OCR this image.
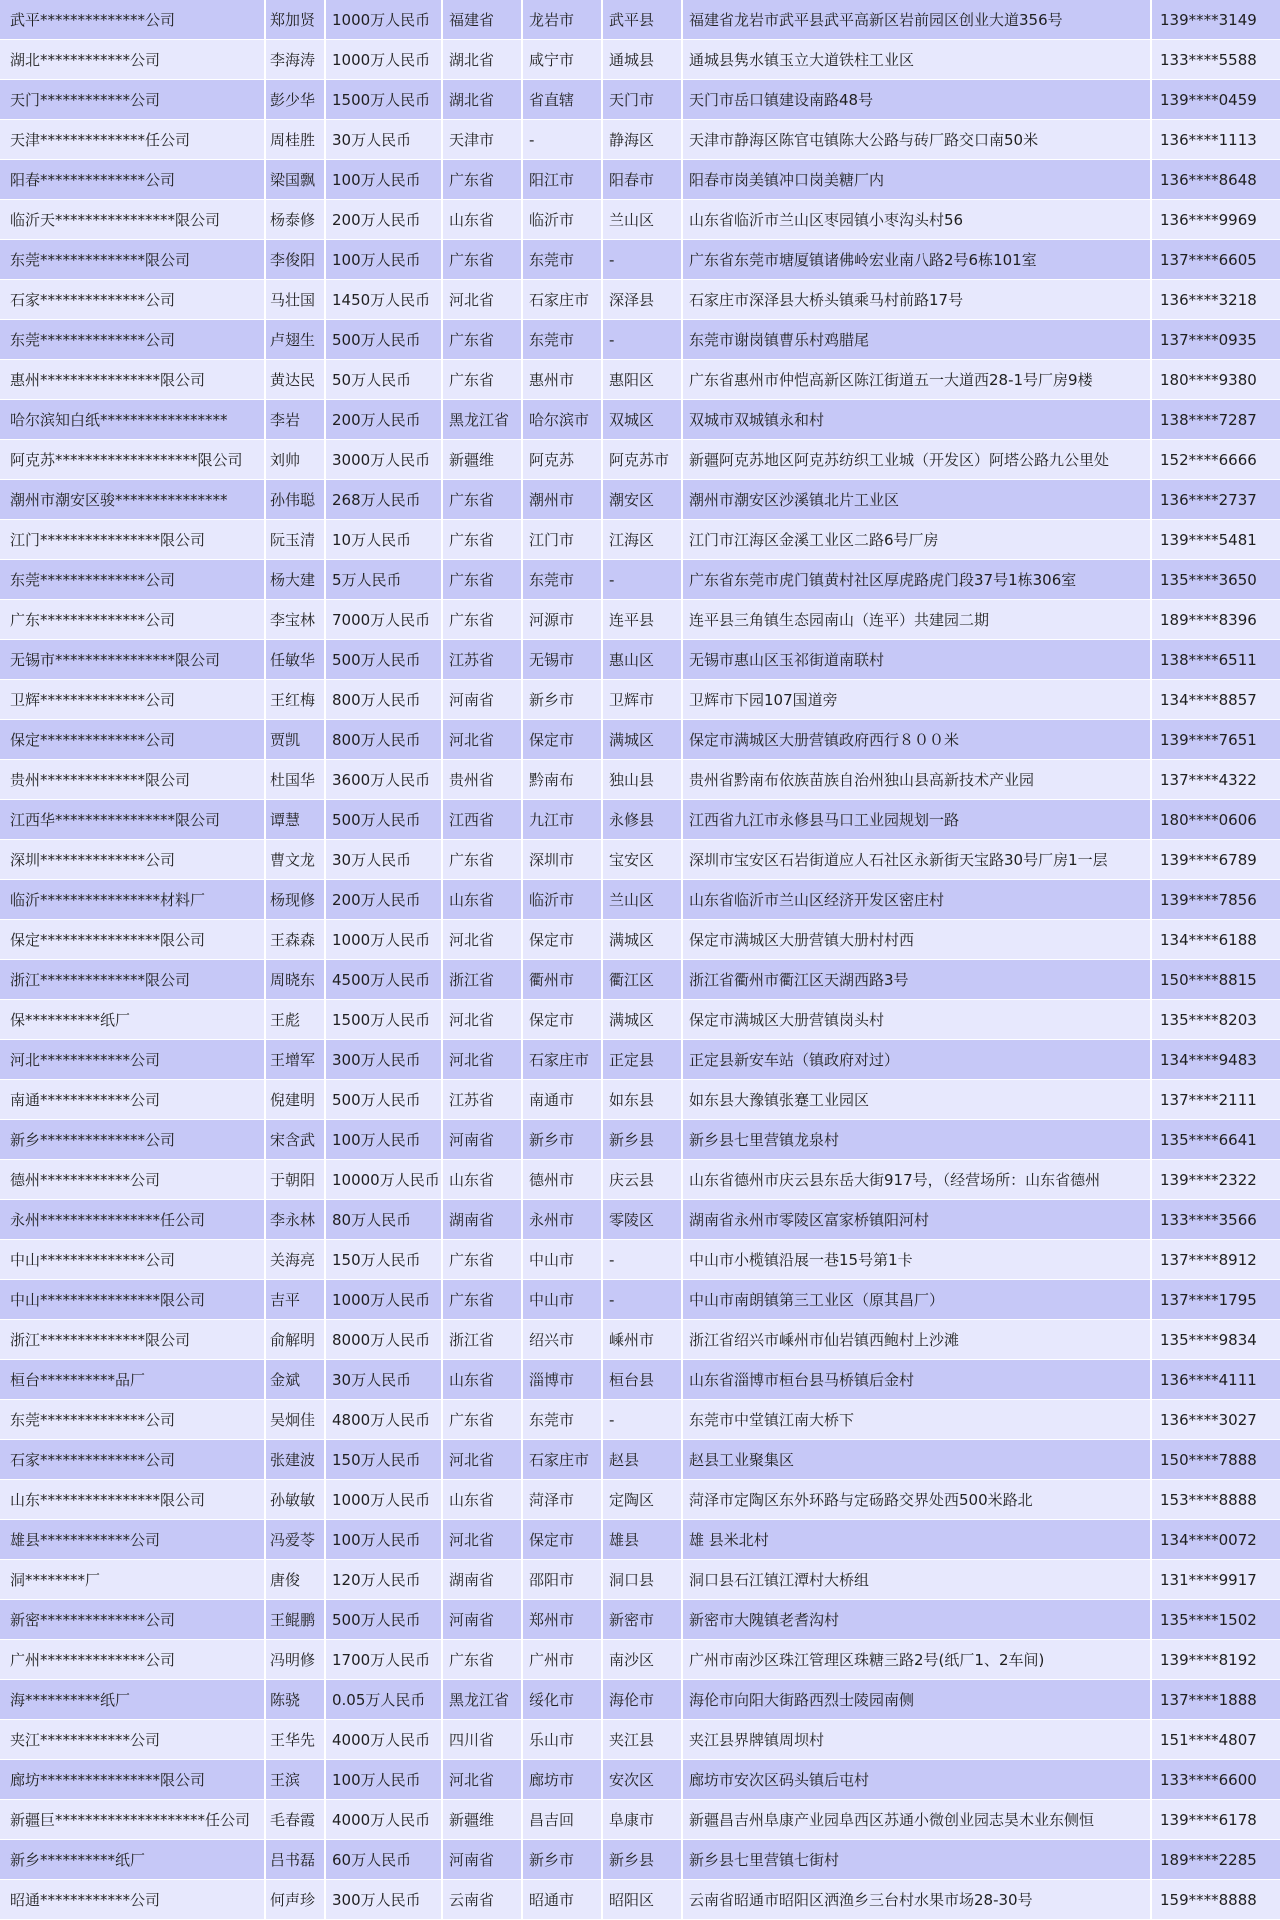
武平**************公司	郑加贤	1000万人民币	福建省	龙岩市	武平县	福建省龙岩市武平县武平高新区岩前园区创业大道356号	139****3149
湖北************公司	李海涛	1000万人民币	湖北省	咸宁市	通城县	通城县隽水镇玉立大道铁柱工业区	133****5588
天门************公司	彭少华	1500万人民币	湖北省	省直辖	天门市	天门市岳口镇建设南路48号	139****0459
天津**************任公司	周桂胜	30万人民币	天津市	-	静海区	天津市静海区陈官屯镇陈大公路与砖厂路交口南50米	136****1113
阳春**************公司	梁国飘	100万人民币	广东省	阳江市	阳春市	阳春市岗美镇冲口岗美糖厂内	136****8648
临沂天****************限公司	杨泰修	200万人民币	山东省	临沂市	兰山区	山东省临沂市兰山区枣园镇小枣沟头村56	136****9969
东莞**************限公司	李俊阳	100万人民币	广东省	东莞市	-	广东省东莞市塘厦镇诸佛岭宏业南八路2号6栋101室	137****6605
石家**************公司	马壮国	1450万人民币	河北省	石家庄市	深泽县	石家庄市深泽县大桥头镇乘马村前路17号	136****3218
东莞**************公司	卢翅生	500万人民币	广东省	东莞市	-	东莞市谢岗镇曹乐村鸡腊尾	137****0935
惠州****************限公司	黄达民	50万人民币	广东省	惠州市	惠阳区	广东省惠州市仲恺高新区陈江街道五一大道西28-1号厂房9楼	180****9380
哈尔滨知白纸*****************	李岩	200万人民币	黑龙江省	哈尔滨市	双城区	双城市双城镇永和村	138****7287
阿克苏*******************限公司	刘帅	3000万人民币	新疆维	阿克苏	阿克苏市	新疆阿克苏地区阿克苏纺织工业城（开发区）阿塔公路九公里处	152****6666
潮州市潮安区骏***************	孙伟聪	268万人民币	广东省	潮州市	潮安区	潮州市潮安区沙溪镇北片工业区	136****2737
江门****************限公司	阮玉清	10万人民币	广东省	江门市	江海区	江门市江海区金溪工业区二路6号厂房	139****5481
东莞**************公司	杨大建	5万人民币	广东省	东莞市	-	广东省东莞市虎门镇黄村社区厚虎路虎门段37号1栋306室	135****3650
广东**************公司	李宝林	7000万人民币	广东省	河源市	连平县	连平县三角镇生态园南山（连平）共建园二期	189****8396
无锡市****************限公司	任敏华	500万人民币	江苏省	无锡市	惠山区	无锡市惠山区玉祁街道南联村	138****6511
卫辉**************公司	王红梅	800万人民币	河南省	新乡市	卫辉市	卫辉市下园107国道旁	134****8857
保定**************公司	贾凯	800万人民币	河北省	保定市	满城区	保定市满城区大册营镇政府西行８００米	139****7651
贵州**************限公司	杜国华	3600万人民币	贵州省	黔南布	独山县	贵州省黔南布依族苗族自治州独山县高新技术产业园	137****4322
江西华****************限公司	谭慧	500万人民币	江西省	九江市	永修县	江西省九江市永修县马口工业园规划一路	180****0606
深圳**************公司	曹文龙	30万人民币	广东省	深圳市	宝安区	深圳市宝安区石岩街道应人石社区永新街天宝路30号厂房1一层	139****6789
临沂****************材料厂	杨现修	200万人民币	山东省	临沂市	兰山区	山东省临沂市兰山区经济开发区密庄村	139****7856
保定****************限公司	王森森	1000万人民币	河北省	保定市	满城区	保定市满城区大册营镇大册村村西	134****6188
浙江**************限公司	周晓东	4500万人民币	浙江省	衢州市	衢江区	浙江省衢州市衢江区天湖西路3号	150****8815
保**********纸厂	王彪	1500万人民币	河北省	保定市	满城区	保定市满城区大册营镇岗头村	135****8203
河北************公司	王增军	300万人民币	河北省	石家庄市	正定县	正定县新安车站（镇政府对过）	134****9483
南通************公司	倪建明	500万人民币	江苏省	南通市	如东县	如东县大豫镇张蹇工业园区	137****2111
新乡**************公司	宋含武	100万人民币	河南省	新乡市	新乡县	新乡县七里营镇龙泉村	135****6641
德州************公司	于朝阳	10000万人民币 山东省	德州市	庆云县	山东省德州市庆云县东岳大街917号，（经营场所：山东省德州	139****2322
永州****************任公司	李永林	80万人民币	湖南省	永州市	零陵区	湖南省永州市零陵区富家桥镇阳河村	133****3566
中山**************公司	关海亮	150万人民币	广东省	中山市	-	中山市小榄镇沿展一巷15号第1卡	137****8912
中山****************限公司	吉平	1000万人民币	广东省	中山市	-	中山市南朗镇第三工业区（原其昌厂）	137****1795
浙江**************限公司	俞解明	8000万人民币	浙江省	绍兴市	嵊州市	浙江省绍兴市嵊州市仙岩镇西鲍村上沙滩	135****9834
桓台**********品厂	金斌	30万人民币	山东省	淄博市	桓台县	山东省淄博市桓台县马桥镇后金村	136****4111
东莞**************公司	吴炯佳	4800万人民币	广东省	东莞市	-	东莞市中堂镇江南大桥下	136****3027
石家**************公司	张建波	150万人民币	河北省	石家庄市	赵县	赵县工业聚集区	150****7888
山东****************限公司	孙敏敏	1000万人民币	山东省	菏泽市	定陶区	菏泽市定陶区东外环路与定砀路交界处西500米路北	153****8888
雄县************公司	冯爱苓	100万人民币	河北省	保定市	雄县	雄 县米北村	134****0072
洞********厂	唐俊	120万人民币	湖南省	邵阳市	洞口县	洞口县石江镇江潭村大桥组	131****9917
新密**************公司	王鲲鹏	500万人民币	河南省	郑州市	新密市	新密市大隗镇老耆沟村	135****1502
广州**************公司	冯明修	1700万人民币	广东省	广州市	南沙区	广州市南沙区珠江管理区珠糖三路2号(纸厂1、2车间)	139****8192
海**********纸厂	陈骁	0.05万人民币	黑龙江省	绥化市	海伦市	海伦市向阳大街路西烈士陵园南侧	137****1888
夹江************公司	王华先	4000万人民币	四川省	乐山市	夹江县	夹江县界牌镇周坝村	151****4807
廊坊****************限公司	王滨	100万人民币	河北省	廊坊市	安次区	廊坊市安次区码头镇后屯村	133****6600
新疆巨********************任公司	毛春霞	4000万人民币	新疆维	昌吉回	阜康市	新疆昌吉州阜康产业园阜西区苏通小微创业园志昊木业东侧恒	139****6178
新乡**********纸厂	吕书磊	60万人民币	河南省	新乡市	新乡县	新乡县七里营镇七街村	189****2285
昭通************公司	何声珍	300万人民币	云南省	昭通市	昭阳区	云南省昭通市昭阳区洒渔乡三台村水果市场28-30号	159****8888
